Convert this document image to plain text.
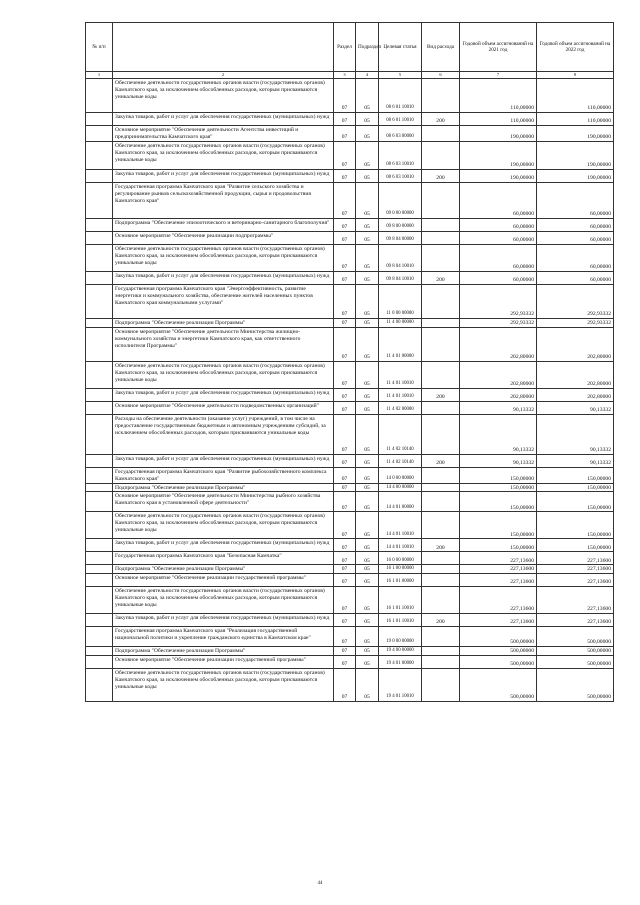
№ п/п		Раздел	Подраздел	Целевая статья	Вид расхода	Годовой объем ассигнований на 2021 год	Годовой объем ассигнований на 2022 год
1	2	3	4	5	6	7	8
	Обеспечение деятельности государственных органов власти (государственных органов) Камчатского края, за исключением обособленных расходов, которым присваиваются уникальные коды	07	05	08 6 01 10010		110,00000	110,00000
	Закупка товаров, работ и услуг для обеспечения государственных (муниципальных) нужд	07	05	08 6 01 10010	200	110,00000	110,00000
	Основное мероприятие "Обеспечение деятельности Агентства инвестиций и предпринимательства Камчатского края"	07	05	08 6 03 00000		190,00000	190,00000
	Обеспечение деятельности государственных органов власти (государственных органов) Камчатского края, за исключением обособленных расходов, которым присваиваются уникальные коды	07	05	08 6 03 10010		190,00000	190,00000
	Закупка товаров, работ и услуг для обеспечения государственных (муниципальных) нужд	07	05	08 6 03 10010	200	190,00000	190,00000
	Государственная программа Камчатского края "Развитие сельского хозяйства и регулирование рынков сельскохозяйственной продукции, сырья и продовольствия Камчатского края"	07	05	09 0 00 00000		60,00000	60,00000
	Подпрограмма "Обеспечение эпизоотического и ветеринарно-санитарного благополучия"	07	05	09 8 00 00000		60,00000	60,00000
	Основное мероприятие "Обеспечение реализации подпрограммы"	07	05	09 8 04 00000		60,00000	60,00000
	Обеспечение деятельности государственных органов власти (государственных органов) Камчатского края, за исключением обособленных расходов, которым присваиваются уникальные коды	07	05	09 8 04 10010		60,00000	60,00000
	Закупка товаров, работ и услуг для обеспечения государственных (муниципальных) нужд	07	05	09 8 04 10010	200	60,00000	60,00000
	Государственная программа Камчатского края "Энергоэффективность, развитие энергетики и коммунального хозяйства, обеспечение жителей населенных пунктов Камчатского края коммунальными услугами"	07	05	11 0 00 00000		292,93332	292,93332
	Подпрограмма "Обеспечение реализации Программы"	07	05	11 4 00 00000		292,93332	292,93332
	Основное мероприятие "Обеспечение деятельности Министерства жилищно-коммунального хозяйства и энергетики Камчатского края, как ответственного исполнителя Программы"	07	05	11 4 01 00000		202,80000	202,80000
	Обеспечение деятельности государственных органов власти (государственных органов) Камчатского края, за исключением обособленных расходов, которым присваиваются уникальные коды	07	05	11 4 01 10010		202,80000	202,80000
	Закупка товаров, работ и услуг для обеспечения государственных (муниципальных) нужд	07	05	11 4 01 10010	200	202,80000	202,80000
	Основное мероприятие "Обеспечение деятельности подведомственных организаций"	07	05	11 4 02 00000		90,13332	90,13332
	Расходы на обеспечение деятельности (оказание услуг) учреждений, в том числе на предоставление государственным бюджетным и автономным учреждениям субсидий, за исключением обособленных расходов, которым присваиваются уникальные коды	07	05	11 4 02 10140		90,13332	90,13332
	Закупка товаров, работ и услуг для обеспечения государственных (муниципальных) нужд	07	05	11 4 02 10140	200	90,13332	90,13332
	Государственная программа Камчатского края "Развитие рыбохозяйственного комплекса Камчатского края"	07	05	14 0 00 00000		150,00000	150,00000
	Подпрограмма "Обеспечение реализации Программы"	07	05	14 4 00 00000		150,00000	150,00000
	Основное мероприятие "Обеспечение деятельности Министерства рыбного хозяйства Камчатского края в установленной сфере деятельности"	07	05	14 4 01 00000		150,00000	150,00000
	Обеспечение деятельности государственных органов власти (государственных органов) Камчатского края, за исключением обособленных расходов, которым присваиваются уникальные коды	07	05	14 4 01 10010		150,00000	150,00000
	Закупка товаров, работ и услуг для обеспечения государственных (муниципальных) нужд	07	05	14 4 01 10010	200	150,00000	150,00000
	Государственная программа Камчатского края "Безопасная Камчатка"	07	05	16 0 00 00000		227,13600	227,13600
	Подпрограмма "Обеспечение реализации Программы"	07	05	16 1 00 00000		227,13600	227,13600
	Основное мероприятие "Обеспечение реализации государственной программы"	07	05	16 1 01 00000		227,13600	227,13600
	Обеспечение деятельности государственных органов власти (государственных органов) Камчатского края, за исключением обособленных расходов, которым присваиваются уникальные коды	07	05	16 1 01 10010		227,13600	227,13600
	Закупка товаров, работ и услуг для обеспечения государственных (муниципальных) нужд	07	05	16 1 01 10010	200	227,13600	227,13600
	Государственная программа Камчатского края "Реализация государственной национальной политики и укрепление гражданского единства в Камчатском крае"	07	05	19 0 00 00000		500,00000	500,00000
	Подпрограмма "Обеспечение реализации Программы"	07	05	19 4 00 00000		500,00000	500,00000
	Основное мероприятие "Обеспечение реализации государственной программы"	07	05	19 4 01 00000		500,00000	500,00000
	Обеспечение деятельности государственных органов власти (государственных органов) Камчатского края, за исключением обособленных расходов, которым присваиваются уникальные коды	07	05	19 4 01 10010		500,00000	500,00000
44
